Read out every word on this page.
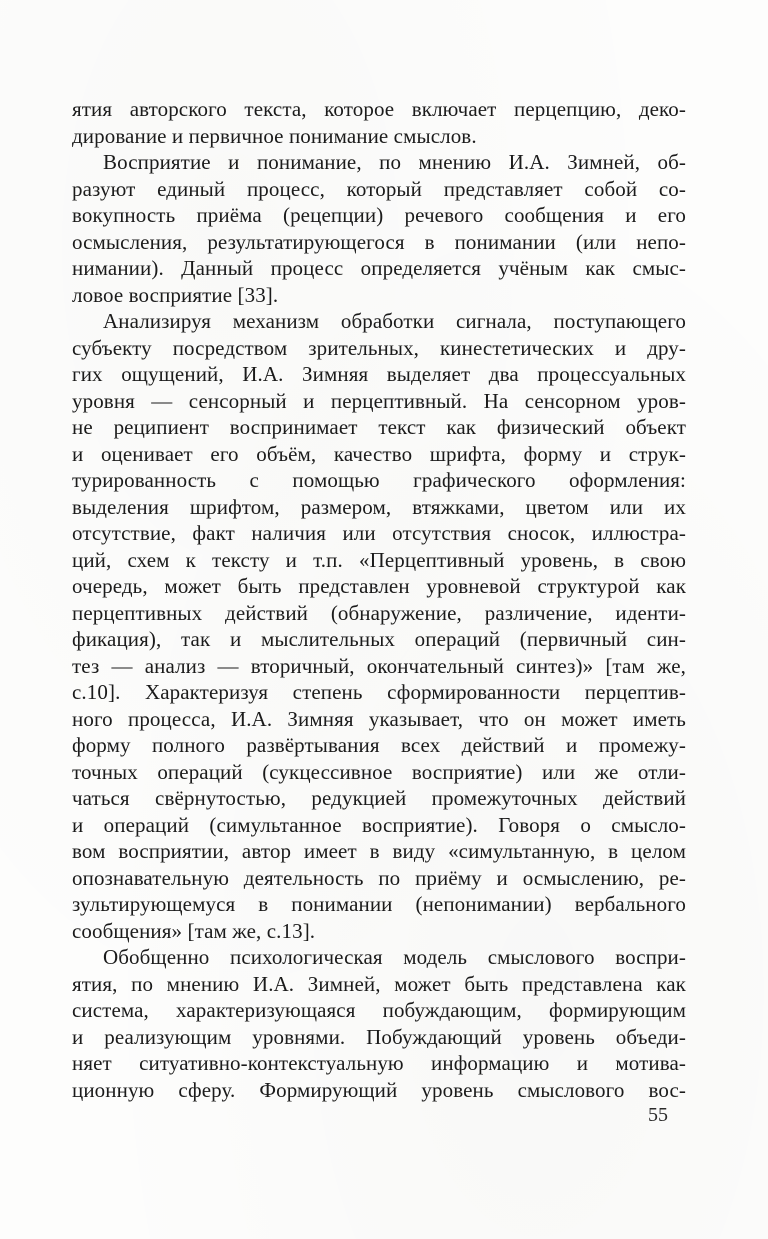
ятия авторского текста, которое включает перцепцию, деко-
дирование и первичное понимание смыслов.
Восприятие и понимание, по мнению И.А. Зимней, об-
разуют единый процесс, который представляет собой со-
вокупность приёма (рецепции) речевого сообщения и его
осмысления, результатирующегося в понимании (или непо-
нимании). Данный процесс определяется учёным как смыс-
ловое восприятие [33].
Анализируя механизм обработки сигнала, поступающего
субъекту посредством зрительных, кинестетических и дру-
гих ощущений, И.А. Зимняя выделяет два процессуальных
уровня — сенсорный и перцептивный. На сенсорном уров-
не реципиент воспринимает текст как физический объект
и оценивает его объём, качество шрифта, форму и струк-
турированность с помощью графического оформления:
выделения шрифтом, размером, втяжками, цветом или их
отсутствие, факт наличия или отсутствия сносок, иллюстра-
ций, схем к тексту и т.п. «Перцептивный уровень, в свою
очередь, может быть представлен уровневой структурой как
перцептивных действий (обнаружение, различение, иденти-
фикация), так и мыслительных операций (первичный син-
тез — анализ — вторичный, окончательный синтез)» [там же,
с.10]. Характеризуя степень сформированности перцептив-
ного процесса, И.А. Зимняя указывает, что он может иметь
форму полного развёртывания всех действий и промежу-
точных операций (сукцессивное восприятие) или же отли-
чаться свёрнутостью, редукцией промежуточных действий
и операций (симультанное восприятие). Говоря о смысло-
вом восприятии, автор имеет в виду «симультанную, в целом
опознавательную деятельность по приёму и осмыслению, ре-
зультирующемуся в понимании (непонимании) вербального
сообщения» [там же, с.13].
Обобщенно психологическая модель смыслового воспри-
ятия, по мнению И.А. Зимней, может быть представлена как
система, характеризующаяся побуждающим, формирующим
и реализующим уровнями. Побуждающий уровень объеди-
няет ситуативно-контекстуальную информацию и мотива-
ционную сферу. Формирующий уровень смыслового вос-
55
